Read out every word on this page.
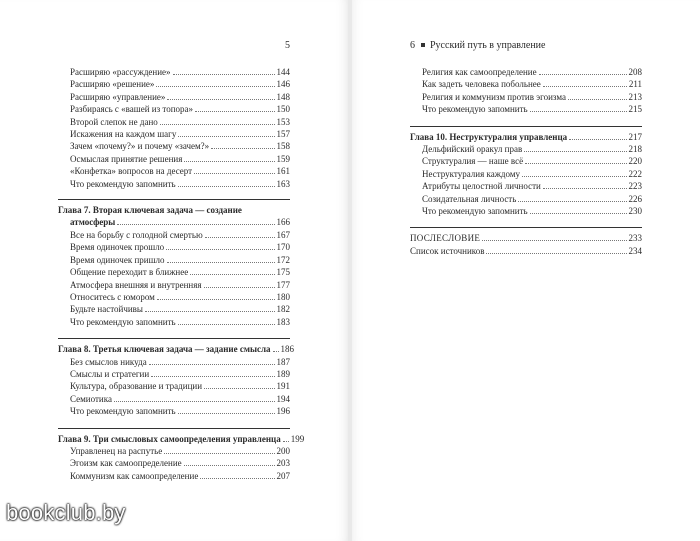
5
Расширяю «рассуждение»	144
Расширяю «решение»	146
Расширяю «управление»	148
Разбираясь с «вашей из топора»	150
Второй слепок не дано	153
Искажения на каждом шагу	157
Зачем «почему?» и почему «зачем?»	158
Осмыслая принятие решения	159
«Конфетка» вопросов на десерт	161
Что рекомендую запомнить	163
Глава 7. Вторая ключевая задача — создание
атмосферы	166
Все на борьбу с голодной смертью	167
Время одиночек прошло	170
Время одиночек пришло	172
Общение переходит в ближнее	175
Атмосфера внешняя и внутренняя	177
Относитесь с юмором	180
Будьте настойчивы	182
Что рекомендую запомнить	183
Глава 8. Третья ключевая задача — задание смысла 186
Без смыслов никуда	187
Смыслы и стратегии	189
Культура, образование и традиции	191
Семиотика	194
Что рекомендую запомнить	196
Глава 9. Три смысловых самоопределения управленца 199
Управленец на распутье	200
Эгоизм как самоопределение	203
Коммунизм как самоопределение	207
6 Русский путь в управление
Религия как самоопределение	208
Как задеть человека побольнее	211
Религия и коммунизм против эгоизма	213
Что рекомендую запомнить	215
Глава 10. Неструктуралия управленца	217
Дельфийский оракул прав	218
Структуралия — наше всё	220
Неструктуралия каждому	222
Атрибуты целостной личности	223
Созидательная личность	226
Что рекомендую запомнить	230
ПОСЛЕСЛОВИЕ	233
Список источников	234
bookclub.by
